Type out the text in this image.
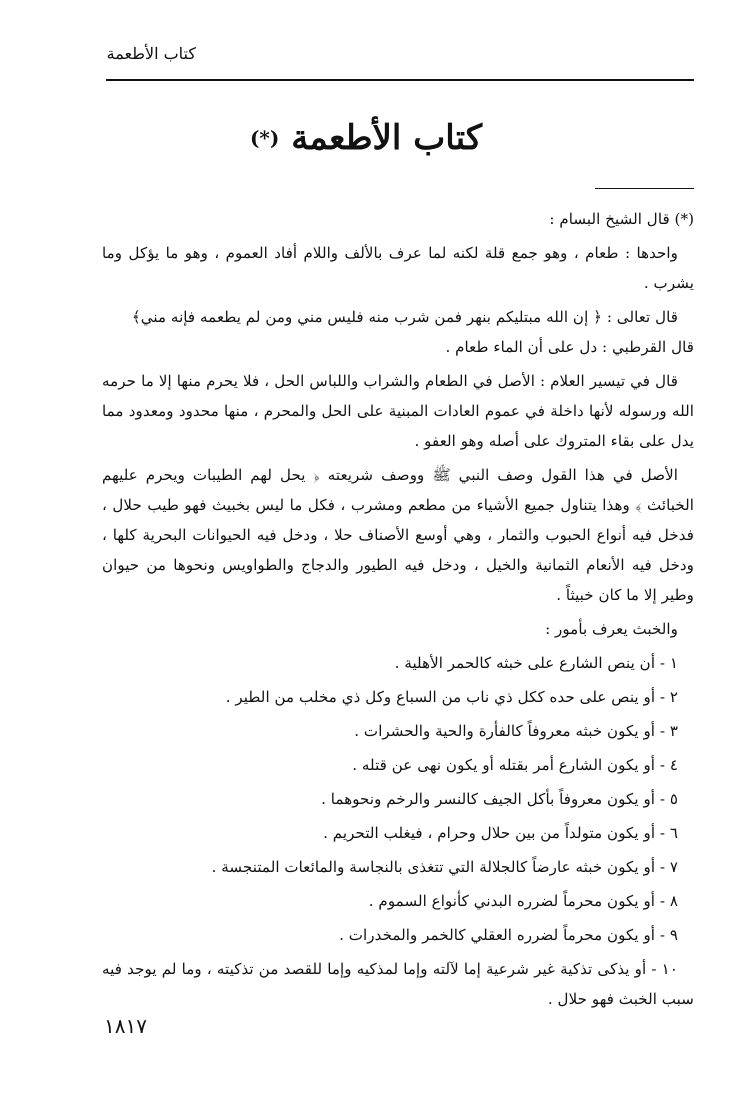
كتاب الأطعمة
كتاب الأطعمة (*)

(*) قال الشيخ البسام :

واحدها : طعام ، وهو جمع قلة لكنه لما عرف بالألف واللام أفاد العموم ، وهو ما يؤكل وما يشرب .

قال تعالى : ﴿ إن الله مبتليكم بنهر فمن شرب منه فليس مني ومن لم يطعمه فإنه مني﴾

قال القرطبي : دل على أن الماء طعام .

قال في تيسير العلام : الأصل في الطعام والشراب واللباس الحل ، فلا يحرم منها إلا ما حرمه الله ورسوله لأنها داخلة في عموم العادات المبنية على الحل والمحرم ، منها محدود ومعدود مما يدل على بقاء المتروك على أصله وهو العفو .

الأصل في هذا القول وصف النبي ﷺ ووصف شريعته ﴿ يحل لهم الطيبات ويحرم عليهم الخبائث ﴾ وهذا يتناول جميع الأشياء من مطعم ومشرب ، فكل ما ليس بخبيث فهو طيب حلال ، فدخل فيه أنواع الحبوب والثمار ، وهي أوسع الأصناف حلا ، ودخل فيه الحيوانات البحرية كلها ، ودخل فيه الأنعام الثمانية والخيل ، ودخل فيه الطيور والدجاج والطواويس ونحوها من حيوان وطير إلا ما كان خبيثاً .

والخبث يعرف بأمور :

١ - أن ينص الشارع على خبثه كالحمر الأهلية .

٢ - أو ينص على حده ككل ذي ناب من السباع وكل ذي مخلب من الطير .

٣ - أو يكون خبثه معروفاً كالفأرة والحية والحشرات .

٤ - أو يكون الشارع أمر بقتله أو يكون نهى عن قتله .

٥ - أو يكون معروفاً بأكل الجيف كالنسر والرخم ونحوهما .

٦ - أو يكون متولداً من بين حلال وحرام ، فيغلب التحريم .

٧ - أو يكون خبثه عارضاً كالجلالة التي تتغذى بالنجاسة والمائعات المتنجسة .

٨ - أو يكون محرماً لضرره البدني كأنواع السموم .

٩ - أو يكون محرماً لضرره العقلي كالخمر والمخدرات .

١٠ - أو يذكى تذكية غير شرعية إما لآلته وإما لمذكيه وإما للقصد من تذكيته ، وما لم يوجد فيه سبب الخبث فهو حلال .

١٨١٧
